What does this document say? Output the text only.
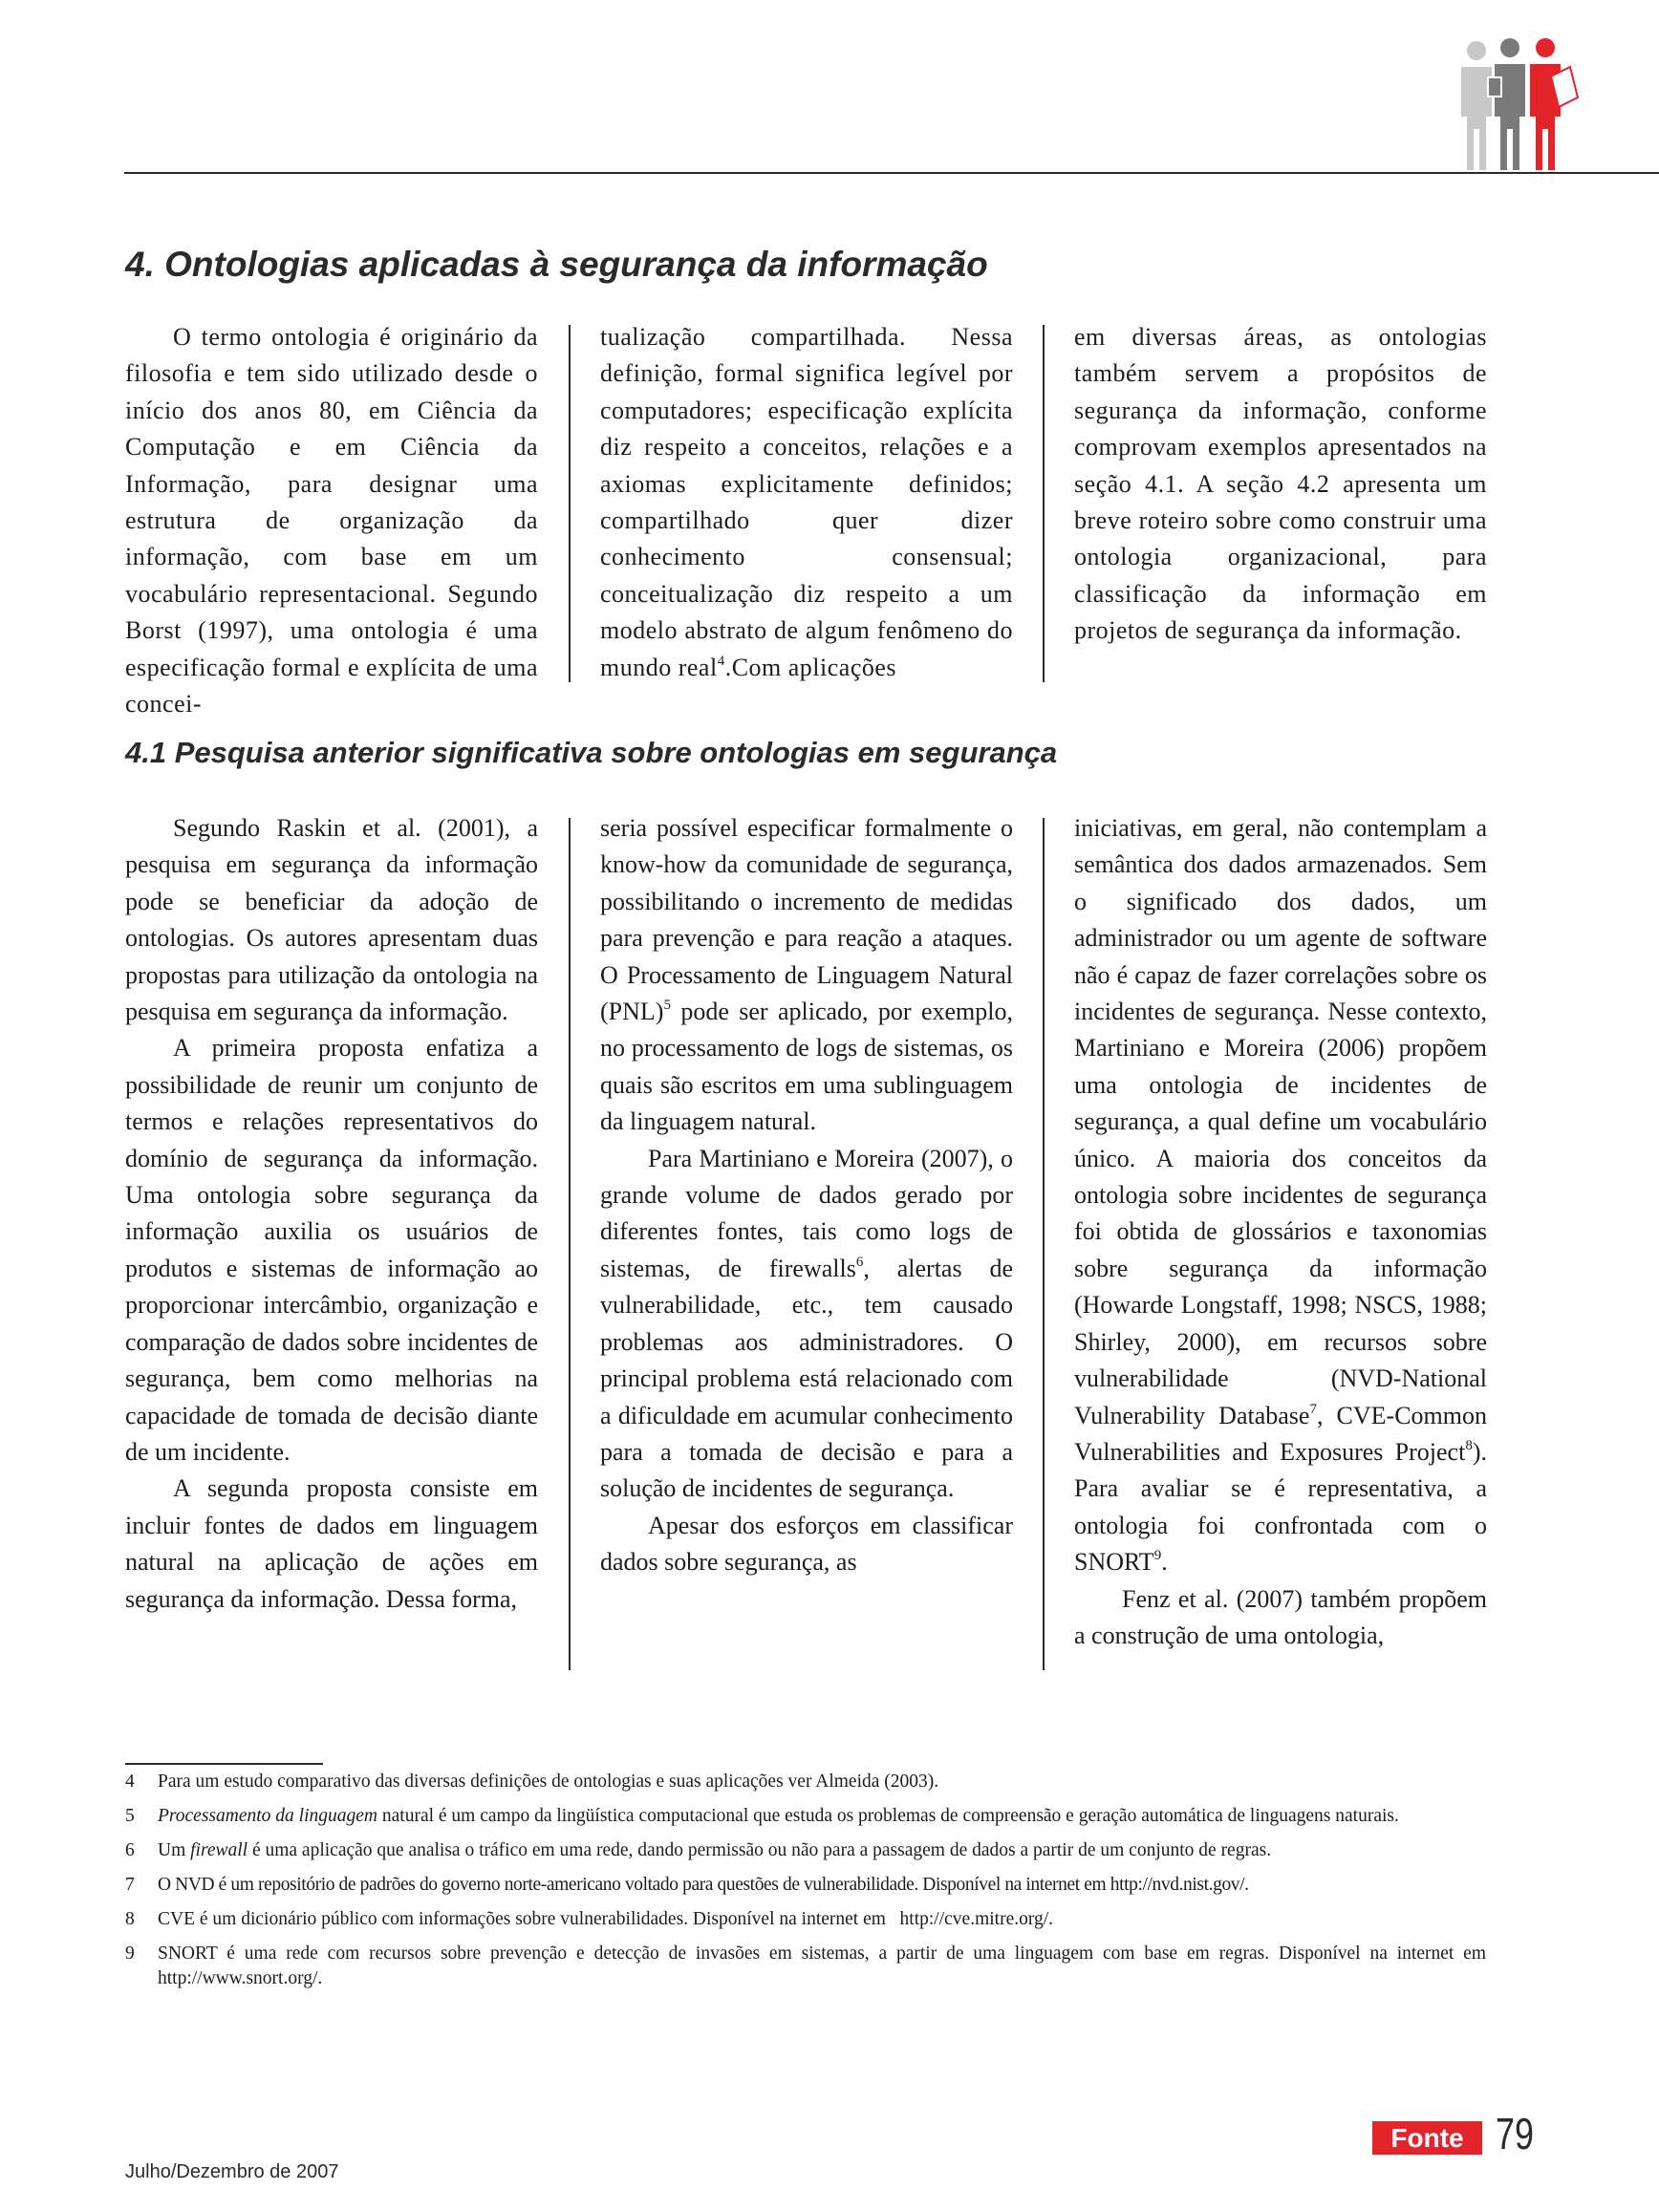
4. Ontologias aplicadas à segurança da informação

O termo ontologia é originário da filosofia e tem sido utilizado desde o início dos anos 80, em Ciência da Computação e em Ciência da Informação, para designar uma estrutura de organização da informação, com base em um vocabulário representacional. Segundo Borst (1997), uma ontologia é uma especificação formal e explícita de uma concei-

tualização compartilhada. Nessa definição, formal significa legível por computadores; especificação explícita diz respeito a conceitos, relações e a axiomas explicitamente definidos; compartilhado quer dizer conhecimento consensual; conceitualização diz respeito a um modelo abstrato de algum fenômeno do mundo real$^4$.Com aplicações

em diversas áreas, as ontologias também servem a propósitos de segurança da informação, conforme comprovam exemplos apresentados na seção 4.1. A seção 4.2 apresenta um breve roteiro sobre como construir uma ontologia organizacional, para classificação da informação em projetos de segurança da informação.

4.1 Pesquisa anterior significativa sobre ontologias em segurança

Segundo Raskin et al. (2001), a pesquisa em segurança da informação pode se beneficiar da adoção de ontologias. Os autores apresentam duas propostas para utilização da ontologia na pesquisa em segurança da informação.

A primeira proposta enfatiza a possibilidade de reunir um conjunto de termos e relações representativos do domínio de segurança da informação. Uma ontologia sobre segurança da informação auxilia os usuários de produtos e sistemas de informação ao proporcionar intercâmbio, organização e comparação de dados sobre incidentes de segurança, bem como melhorias na capacidade de tomada de decisão diante de um incidente.

A segunda proposta consiste em incluir fontes de dados em linguagem natural na aplicação de ações em segurança da informação. Dessa forma,

seria possível especificar formalmente o know-how da comunidade de segurança, possibilitando o incremento de medidas para prevenção e para reação a ataques. O Processamento de Linguagem Natural (PNL)$^5$ pode ser aplicado, por exemplo, no processamento de logs de sistemas, os quais são escritos em uma sublinguagem da linguagem natural.

Para Martiniano e Moreira (2007), o grande volume de dados gerado por diferentes fontes, tais como logs de sistemas, de firewalls$^6$, alertas de vulnerabilidade, etc., tem causado problemas aos administradores. O principal problema está relacionado com a dificuldade em acumular conhecimento para a tomada de decisão e para a solução de incidentes de segurança.

Apesar dos esforços em classificar dados sobre segurança, as

iniciativas, em geral, não contemplam a semântica dos dados armazenados. Sem o significado dos dados, um administrador ou um agente de software não é capaz de fazer correlações sobre os incidentes de segurança. Nesse contexto, Martiniano e Moreira (2006) propõem uma ontologia de incidentes de segurança, a qual define um vocabulário único. A maioria dos conceitos da ontologia sobre incidentes de segurança foi obtida de glossários e taxonomias sobre segurança da informação (Howarde Longstaff, 1998; NSCS, 1988; Shirley, 2000), em recursos sobre vulnerabilidade (NVD-National Vulnerability Database$^7$, CVE-Common Vulnerabilities and Exposures Project$^8$). Para avaliar se é representativa, a ontologia foi confrontada com o SNORT$^9$.

Fenz et al. (2007) também propõem a construção de uma ontologia,

4 Para um estudo comparativo das diversas definições de ontologias e suas aplicações ver Almeida (2003).

5 Processamento da linguagem natural é um campo da lingüística computacional que estuda os problemas de compreensão e geração automática de linguagens naturais.

6 Um firewall é uma aplicação que analisa o tráfico em uma rede, dando permissão ou não para a passagem de dados a partir de um conjunto de regras.

7 O NVD é um repositório de padrões do governo norte-americano voltado para questões de vulnerabilidade. Disponível na internet em http://nvd.nist.gov/.

8 CVE é um dicionário público com informações sobre vulnerabilidades. Disponível na internet em   http://cve.mitre.org/.

9 SNORT é uma rede com recursos sobre prevenção e detecção de invasões em sistemas, a partir de uma linguagem com base em regras. Disponível na internet em http://www.snort.org/.

Julho/Dezembro de 2007
Fonte 79
